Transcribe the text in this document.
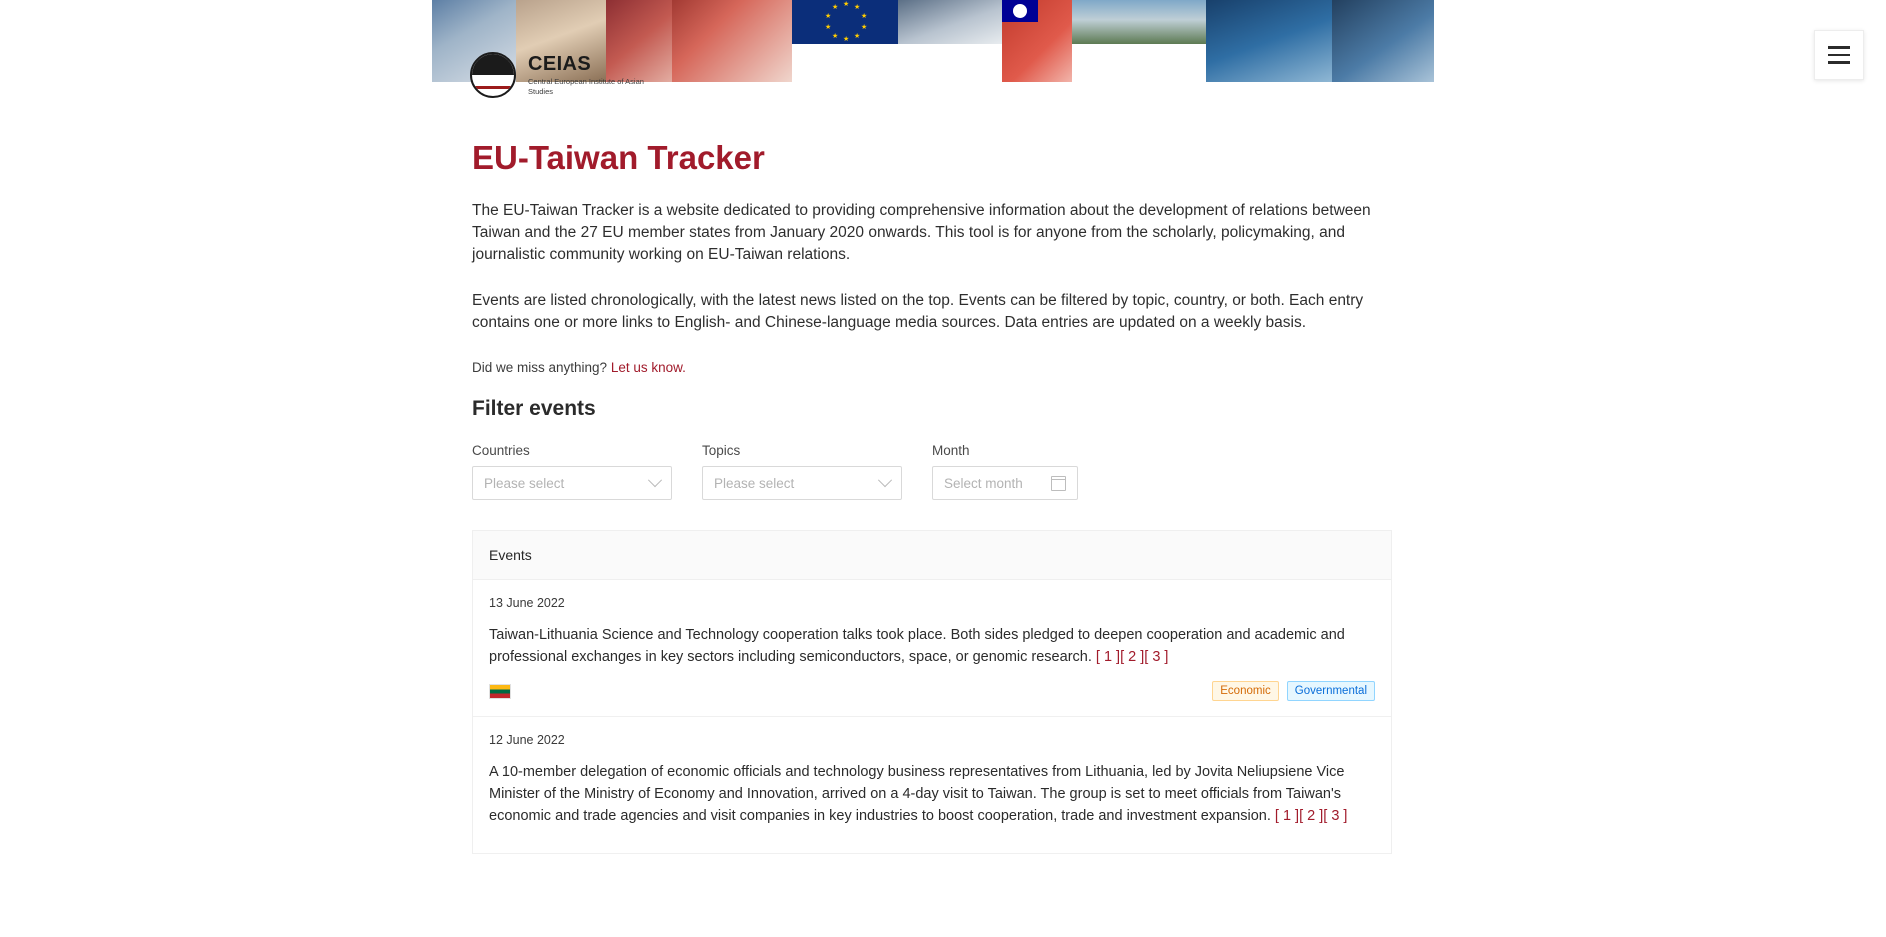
★ ★
★
★
★
★
★
★
★
★
CEIAS
Central European Institute of Asian Studies
EU-Taiwan Tracker

The EU-Taiwan Tracker is a website dedicated to providing comprehensive information about the development of relations between Taiwan and the 27 EU member states from January 2020 onwards. This tool is for anyone from the scholarly, policymaking, and journalistic community working on EU-Taiwan relations.

Events are listed chronologically, with the latest news listed on the top. Events can be filtered by topic, country, or both. Each entry contains one or more links to English- and Chinese-language media sources. Data entries are updated on a weekly basis.

Did we miss anything? Let us know.
Filter events
Countries
Please select
Topics
Please select
Month
Select month
Events
13 June 2022

Taiwan-Lithuania Science and Technology cooperation talks took place. Both sides pledged to deepen cooperation and academic and professional exchanges in key sectors including semiconductors, space, or genomic research. [ 1 ][ 2 ][ 3 ]

Economic	Governmental
12 June 2022

A 10-member delegation of economic officials and technology business representatives from Lithuania, led by Jovita Neliupsiene Vice Minister of the Ministry of Economy and Innovation, arrived on a 4-day visit to Taiwan. The group is set to meet officials from Taiwan's economic and trade agencies and visit companies in key industries to boost cooperation, trade and investment expansion. [ 1 ][ 2 ][ 3 ]
